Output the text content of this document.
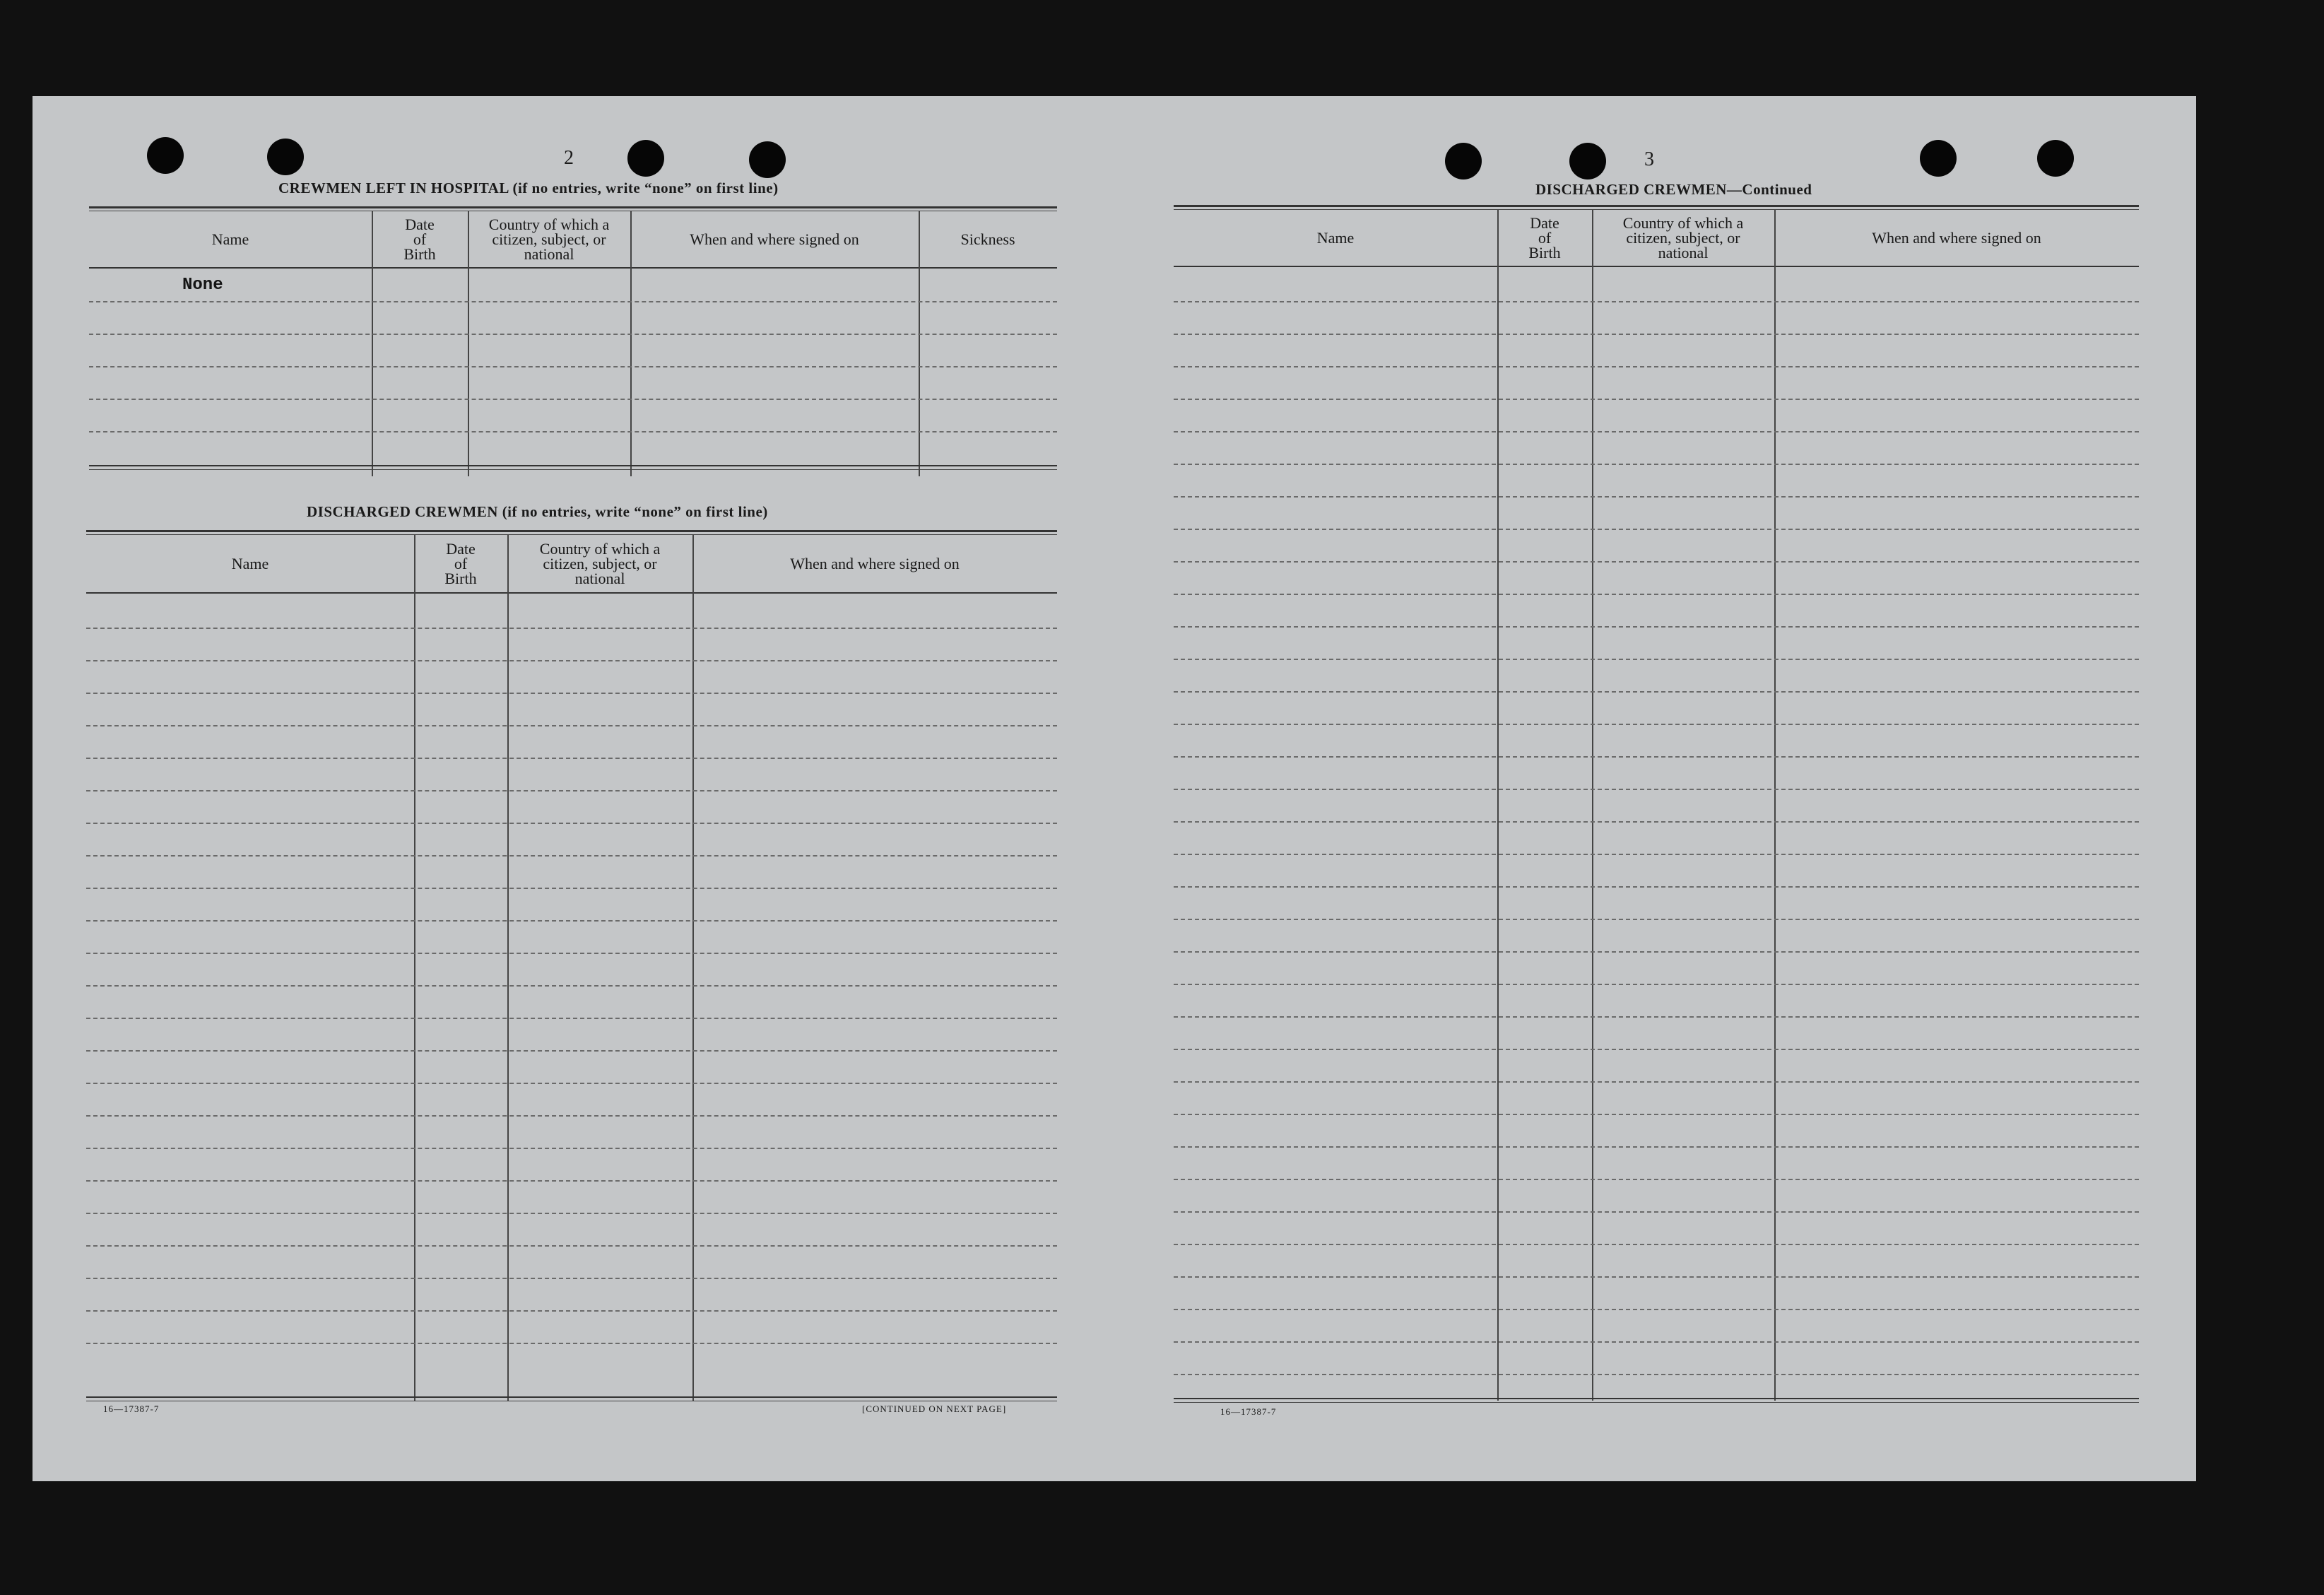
2
CREWMEN LEFT IN HOSPITAL (if no entries, write “none” on first line)
Name
Date
of
Birth
Country of which a
citizen, subject, or
national
When and where signed on	Sickness
None
DISCHARGED CREWMEN (if no entries, write “none” on first line)
Name
Date
of
Birth
Country of which a
citizen, subject, or
national
When and where signed on
16—17387-7	[CONTINUED ON NEXT PAGE]
3
DISCHARGED CREWMEN—Continued
Name
Date
of
Birth
Country of which a
citizen, subject, or
national
When and where signed on
16—17387-7
